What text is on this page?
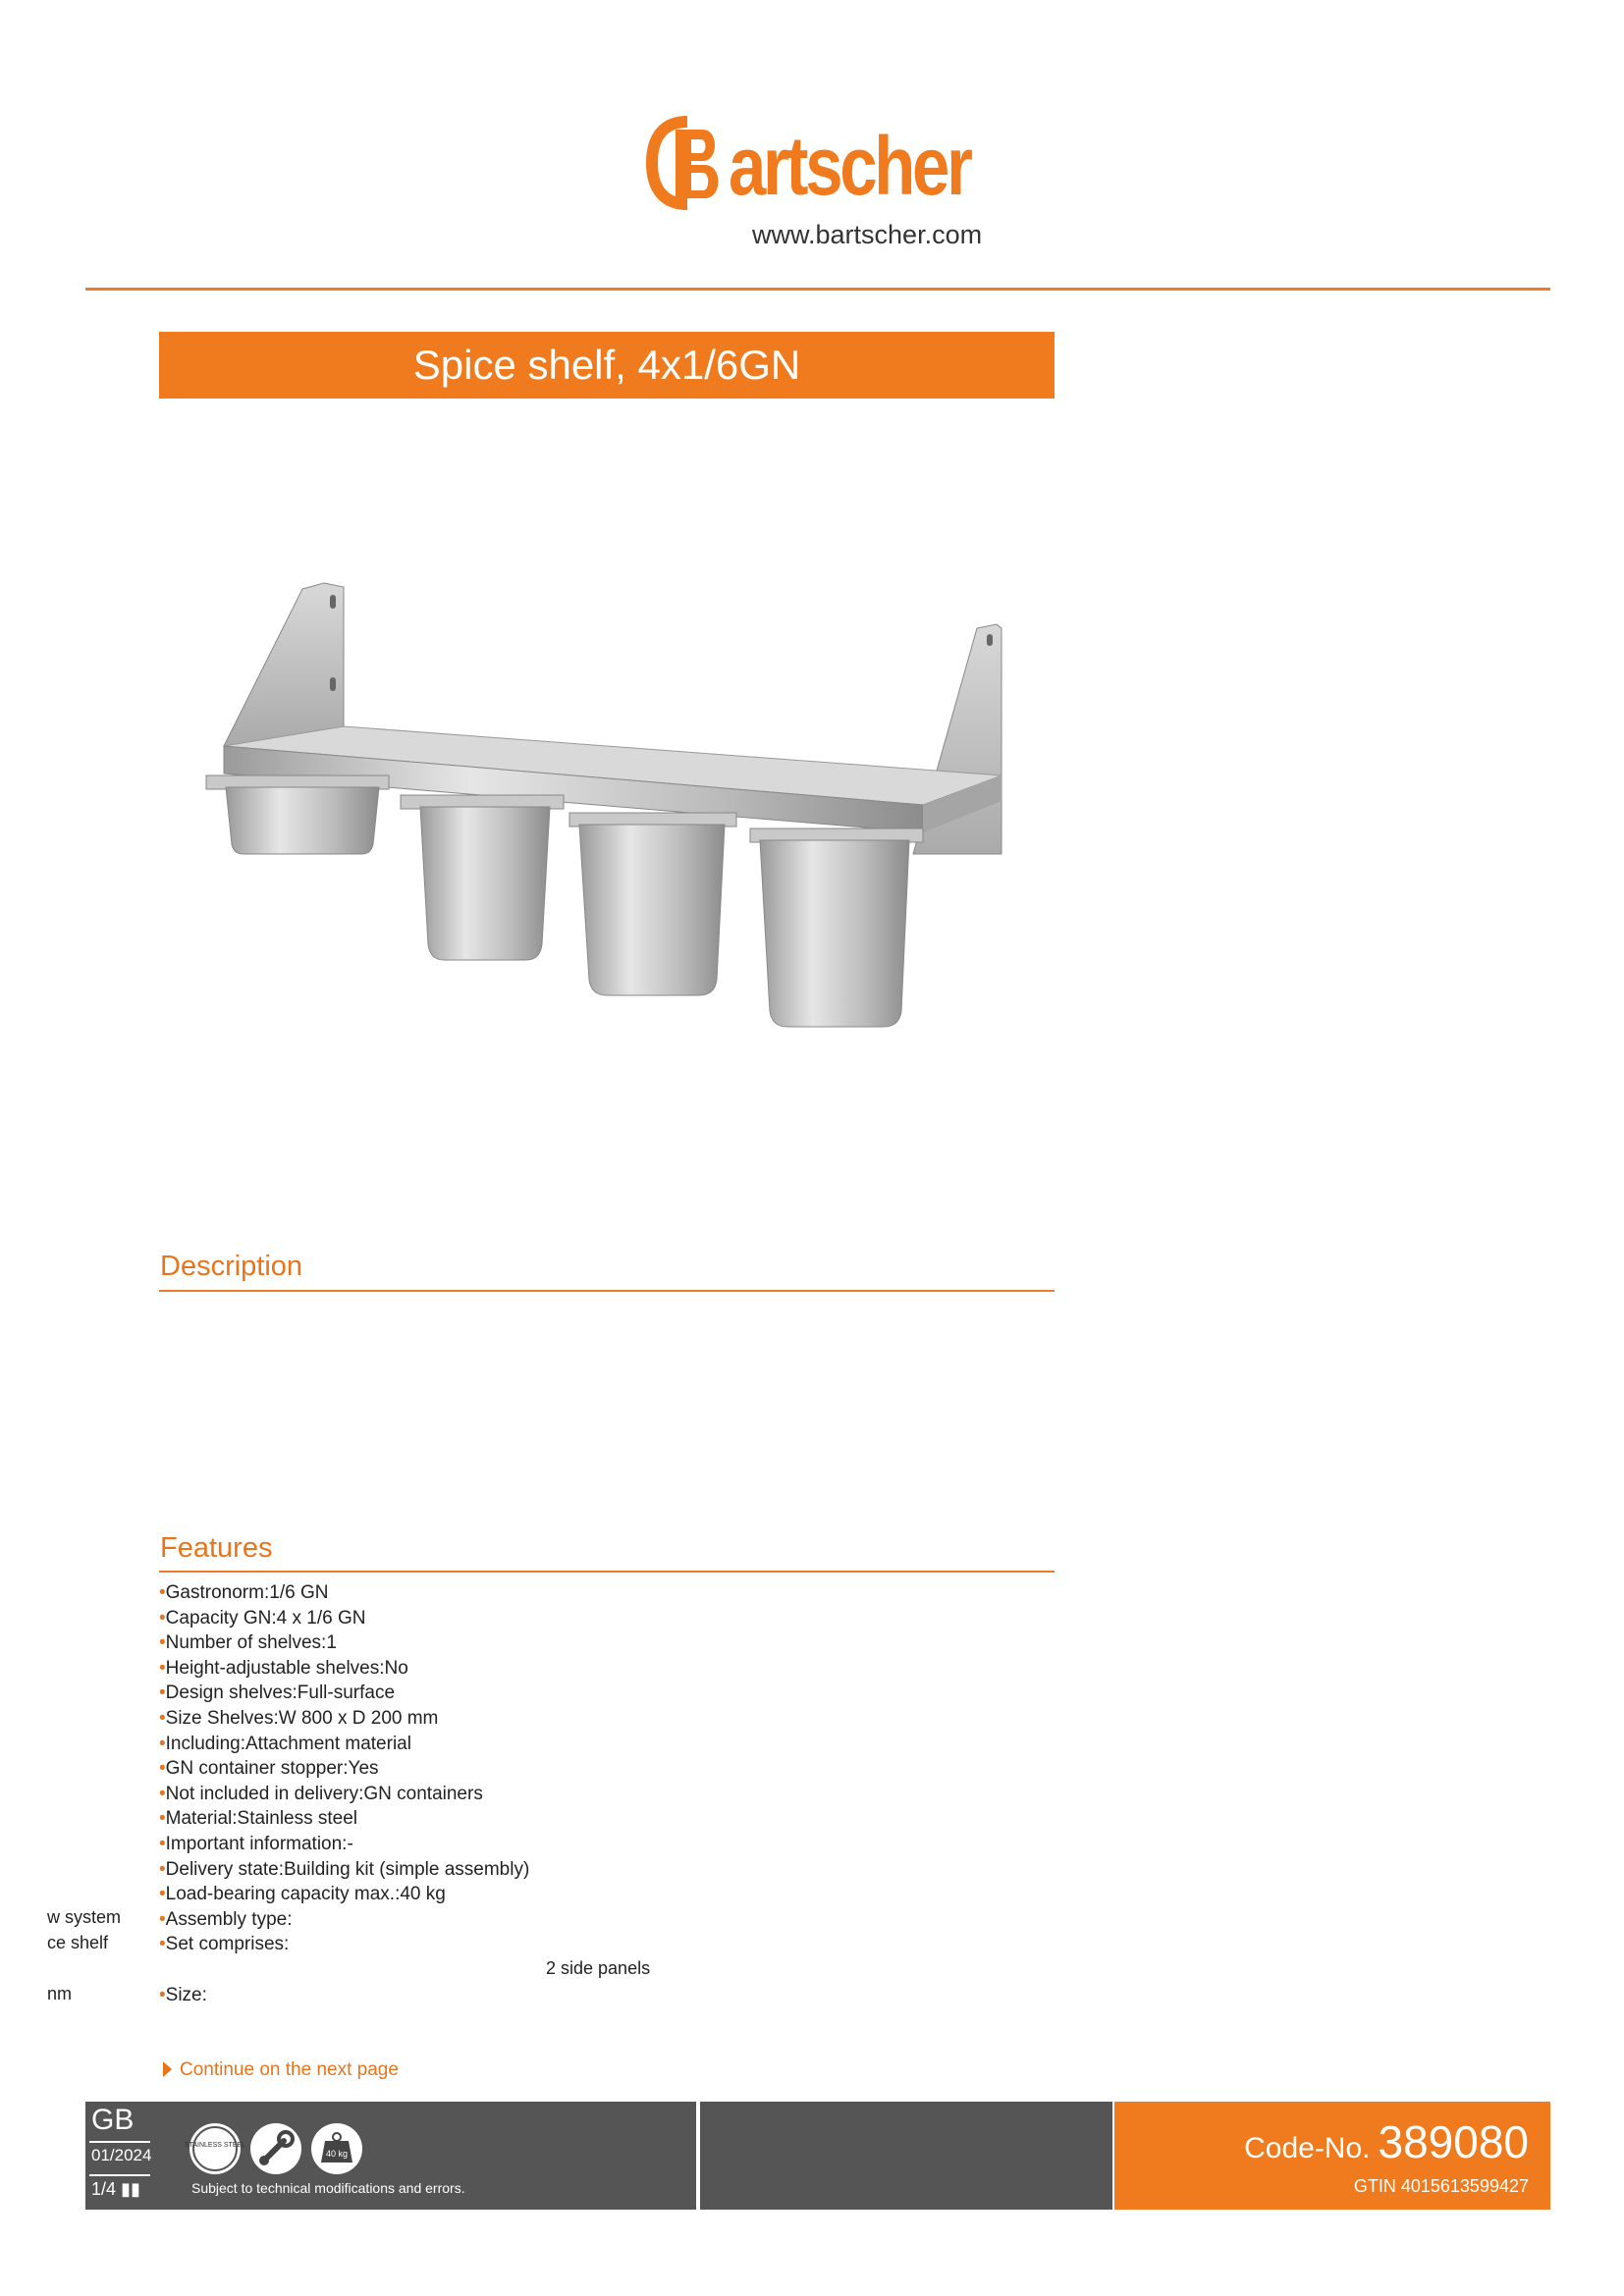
artscher
www.bartscher.com
Spice shelf, 4x1/6GN
Description
Features
•Gastronorm:1/6 GN
•Capacity GN:4 x 1/6 GN
•Number of shelves:1
•Height-adjustable shelves:No
•Design shelves:Full-surface
•Size Shelves:W 800 x D 200 mm
•Including:Attachment material
•GN container stopper:Yes
•Not included in delivery:GN containers
•Material:Stainless steel
•Important information:-
•Delivery state:Building kit (simple assembly)
•Load-bearing capacity max.:40 kg
•Assembly type:
•Set comprises:
•Size:
w system
ce shelf
2 side panels
nm
Continue on the next page
GB
01/2024
1/4 ▮▮
STAINLESS STEEL
40 kg
Subject to technical modifications and errors.
Code-No. 389080
GTIN 4015613599427
